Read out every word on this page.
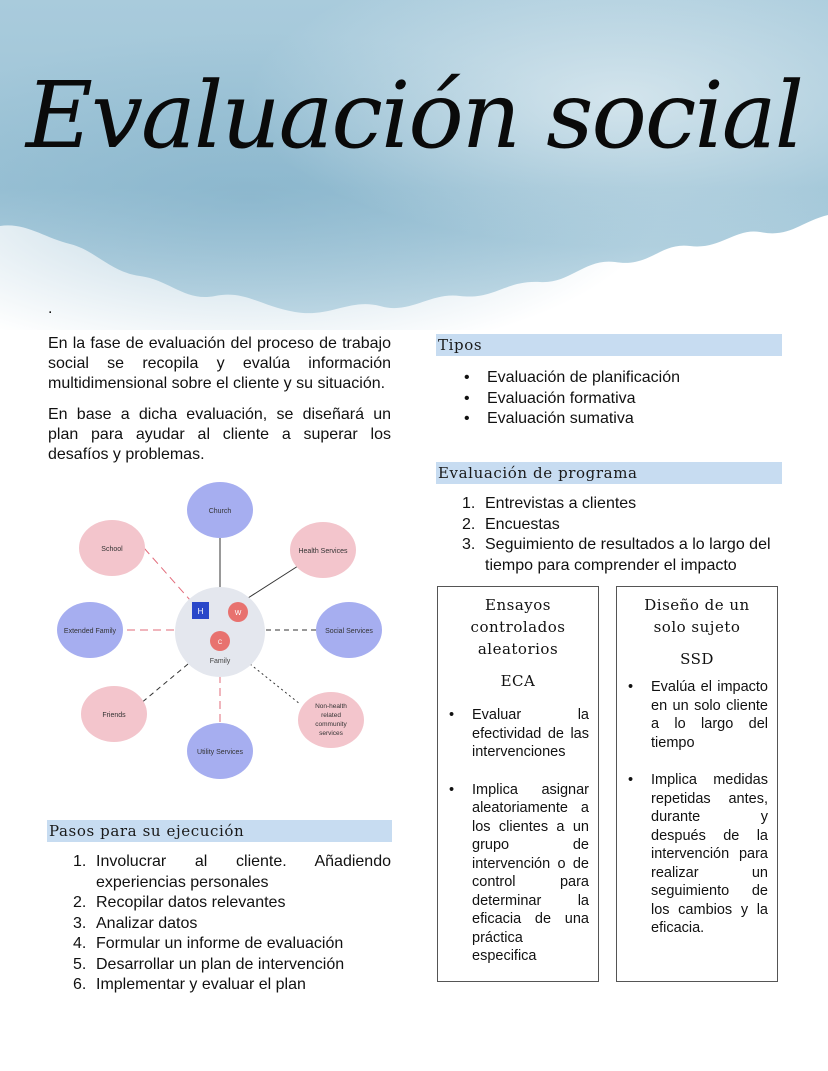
Evaluación social
.
En la fase de evaluación del proceso de trabajo social se recopila y evalúa información multidimensional sobre el cliente y su situación.
En base a dicha evaluación, se diseñará un plan para ayudar al cliente a superar los desafíos y problemas.
H	W
C
Family
Church
Health Services
Social Services
Non-health
related
community
services
Utility Services
Friends
Extended Family
School
Pasos para su ejecución
1. Involucrar al cliente. Añadiendo experiencias personales
2. Recopilar datos relevantes
3. Analizar datos
4. Formular un informe de evaluación
5. Desarrollar un plan de intervención
6. Implementar y evaluar el plan
Tipos
• Evaluación de planificación
• Evaluación formativa
• Evaluación sumativa
Evaluación de programa
1. Entrevistas a clientes
2. Encuestas
3. Seguimiento de resultados a lo largo del tiempo para comprender el impacto
Ensayos controlados aleatorios
ECA
• Evaluar la efectividad de las intervenciones
• Implica asignar aleatoriamente a los clientes a un grupo de intervención o de control para determinar la eficacia de una práctica especifica
Diseño de un solo sujeto
SSD
• Evalúa el impacto en un solo cliente a lo largo del tiempo
• Implica medidas repetidas antes, durante y después de la intervención para realizar un seguimiento de los cambios y la eficacia.
